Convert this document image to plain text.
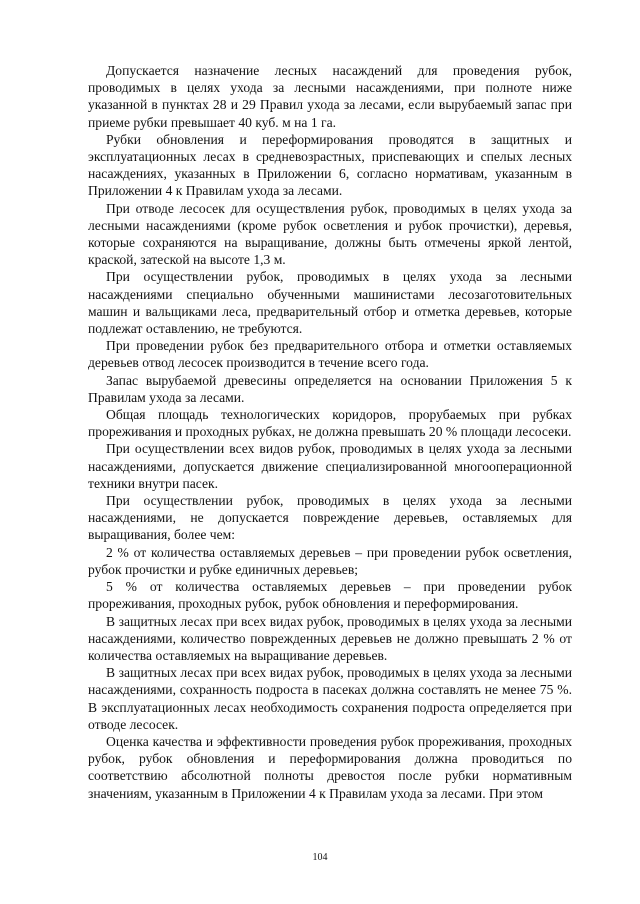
Допускается назначение лесных насаждений для проведения рубок, проводимых в целях ухода за лесными насаждениями, при полноте ниже указанной в пунктах 28 и 29 Правил ухода за лесами, если вырубаемый запас при приеме рубки превышает 40 куб. м на 1 га.

Рубки обновления и переформирования проводятся в защитных и эксплуатационных лесах в средневозрастных, приспевающих и спелых лесных насаждениях, указанных в Приложении 6, согласно нормативам, указанным в Приложении 4 к Правилам ухода за лесами.

При отводе лесосек для осуществления рубок, проводимых в целях ухода за лесными насаждениями (кроме рубок осветления и рубок прочистки), деревья, которые сохраняются на выращивание, должны быть отмечены яркой лентой, краской, затеской на высоте 1,3 м.

При осуществлении рубок, проводимых в целях ухода за лесными насаждениями специально обученными машинистами лесозаготовительных машин и вальщиками леса, предварительный отбор и отметка деревьев, которые подлежат оставлению, не требуются.

При проведении рубок без предварительного отбора и отметки оставляемых деревьев отвод лесосек производится в течение всего года.

Запас вырубаемой древесины определяется на основании Приложения 5 к Правилам ухода за лесами.

Общая площадь технологических коридоров, прорубаемых при рубках прореживания и проходных рубках, не должна превышать 20 % площади лесосеки.

При осуществлении всех видов рубок, проводимых в целях ухода за лесными насаждениями, допускается движение специализированной многооперационной техники внутри пасек.

При осуществлении рубок, проводимых в целях ухода за лесными насаждениями, не допускается повреждение деревьев, оставляемых для выращивания, более чем:

2 % от количества оставляемых деревьев – при проведении рубок осветления, рубок прочистки и рубке единичных деревьев;

5 % от количества оставляемых деревьев – при проведении рубок прореживания, проходных рубок, рубок обновления и переформирования.

В защитных лесах при всех видах рубок, проводимых в целях ухода за лесными насаждениями, количество поврежденных деревьев не должно превышать 2 % от количества оставляемых на выращивание деревьев.

В защитных лесах при всех видах рубок, проводимых в целях ухода за лесными насаждениями, сохранность подроста в пасеках должна составлять не менее 75 %. В эксплуатационных лесах необходимость сохранения подроста определяется при отводе лесосек.

Оценка качества и эффективности проведения рубок прореживания, проходных рубок, рубок обновления и переформирования должна проводиться по соответствию абсолютной полноты древостоя после рубки нормативным значениям, указанным в Приложении 4 к Правилам ухода за лесами. При этом

104
